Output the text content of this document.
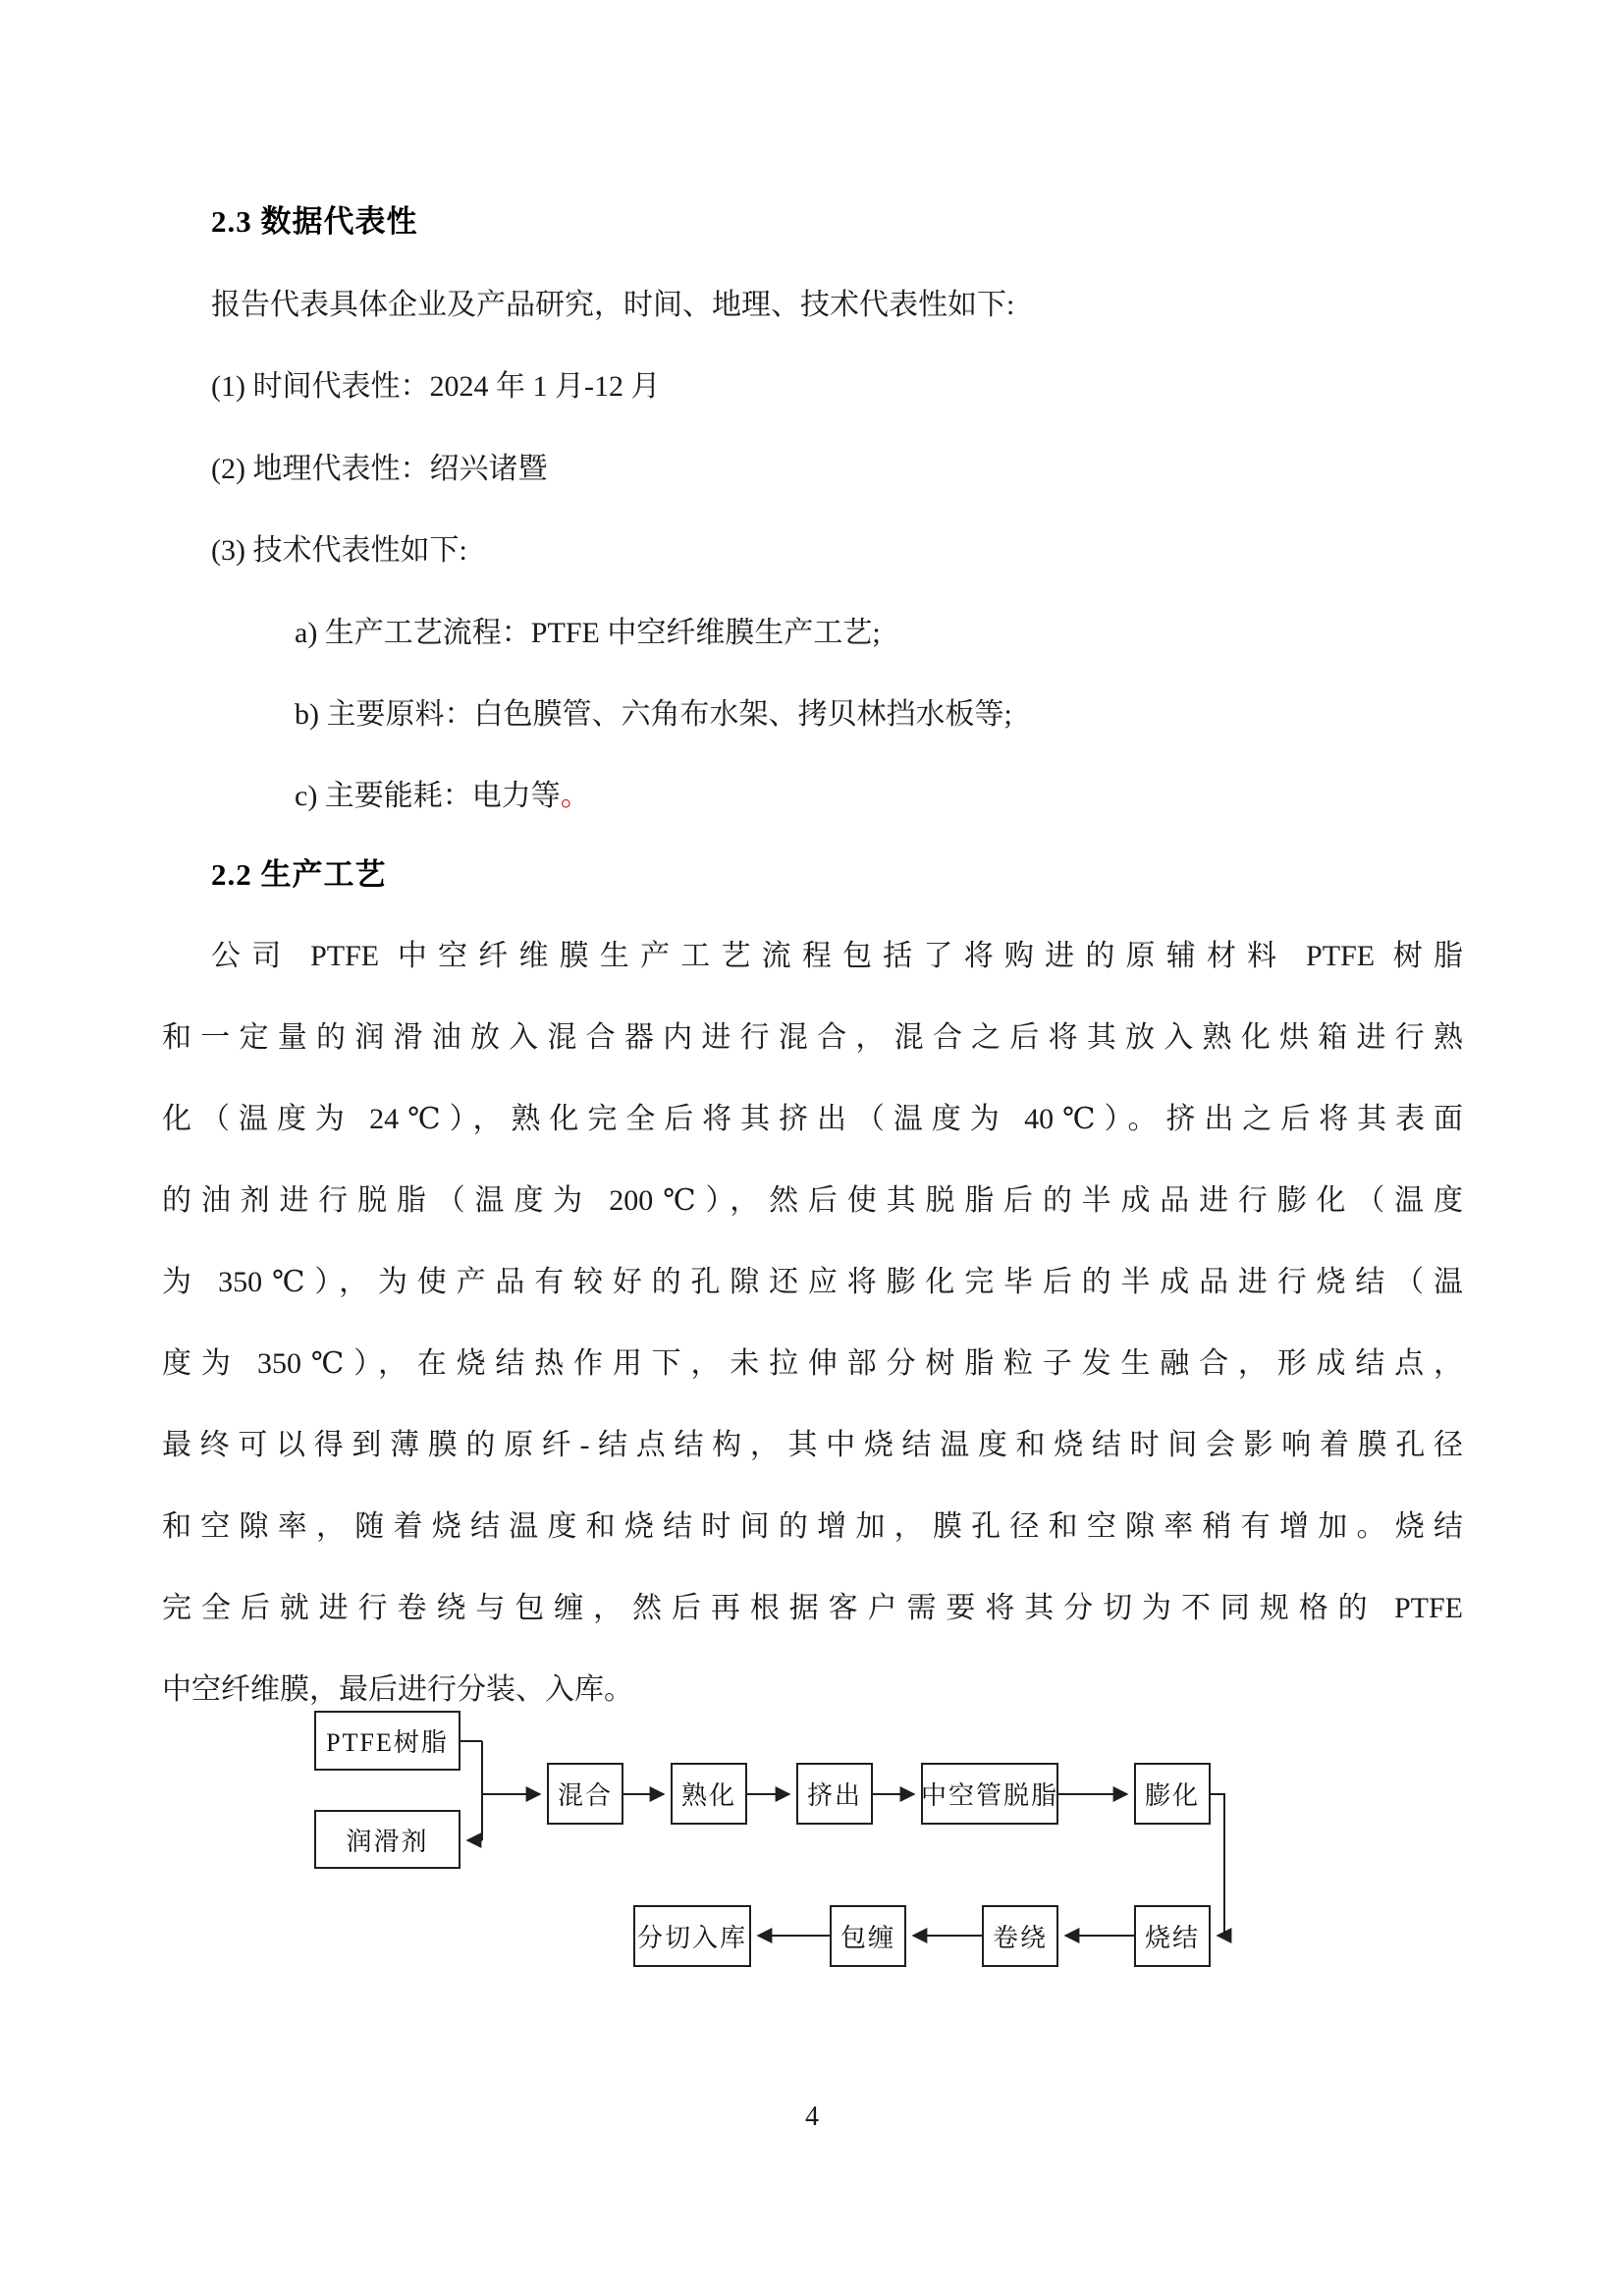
2.3 数据代表性
报告代表具体企业及产品研究，时间、地理、技术代表性如下:
(1) 时间代表性：2024 年 1 月-12 月
(2) 地理代表性：绍兴诸暨
(3) 技术代表性如下:
a) 生产工艺流程：PTFE 中空纤维膜生产工艺;
b) 主要原料：白色膜管、六角布水架、拷贝林挡水板等;
c) 主要能耗：电力等。
2.2 生产工艺
公司 PTFE 中空纤维膜生产工艺流程包括了将购进的原辅材料 PTFE 树脂
和一定量的润滑油放入混合器内进行混合，混合之后将其放入熟化烘箱进行熟
化（温度为 24℃），熟化完全后将其挤出（温度为 40℃）。挤出之后将其表面
的油剂进行脱脂（温度为 200℃），然后使其脱脂后的半成品进行膨化（温度
为 350℃），为使产品有较好的孔隙还应将膨化完毕后的半成品进行烧结（温
度为 350℃），在烧结热作用下，未拉伸部分树脂粒子发生融合，形成结点，
最终可以得到薄膜的原纤-结点结构，其中烧结温度和烧结时间会影响着膜孔径
和空隙率，随着烧结温度和烧结时间的增加，膜孔径和空隙率稍有增加。烧结
完全后就进行卷绕与包缠，然后再根据客户需要将其分切为不同规格的 PTFE
中空纤维膜，最后进行分装、入库。
PTFE树脂
润滑剂
混合	熟化	挤出	中空管脱脂	膨化
烧结
卷绕
包缠
分切入库
4
